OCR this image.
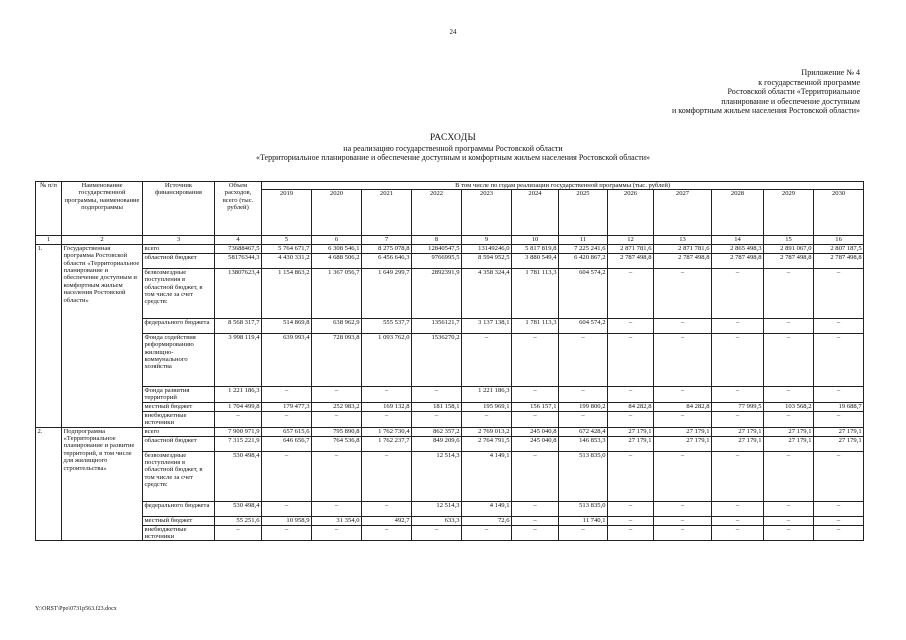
24
Приложение № 4
к государственной программе
Ростовской области «Территориальное
планирование и обеспечение доступным
и комфортным жильем населения Ростовской области»
РАСХОДЫ
на реализацию государственной программы Ростовской области
«Территориальное планирование и обеспечение доступным и комфортным жильем населения Ростовской области»
№ п/п	Наименование государственной программы, наименование подпрограммы	Источник финансирования	Объем расходов, всего (тыс. рублей)	В том числе по годам реализации государственной программы (тыс. рублей)											
				2019	2020	2021	2022	2023	2024	2025	2026	2027	2028	2029	2030
1	2	3	4	5	6	7	8	9	10	11	12	13	14	15	16
1.	Государственная программа Ростовской области «Территориальное планирование и обеспечение доступным и комфортным жильем населения Ростовской области»	всего	73688467,5	5 764 671,7	6 308 546,1	8 275 078,8	12840547,5	13149246,0	5 817 819,8	7 225 241,6	2 871 781,6	2 871 781,6	2 865 498,3	2 891 067,0	2 807 187,5
		областной бюджет	58176344,3	4 430 331,2	4 688 506,2	6 456 646,3	9766995,5	8 594 952,5	3 880 549,4	6 420 867,2	2 787 498,8	2 787 498,8	2 787 498,8	2 787 498,8	2 787 498,8
		безвозмездные поступления в областной бюджет, в том числе за счет средств:	13807623,4	1 154 863,2	1 367 056,7	1 649 299,7	2892391,9	4 358 324,4	1 781 113,3	604 574,2	–	–	–	–	–
		федерального бюджета	8 568 317,7	514 869,8	638 962,9	555 537,7	1356121,7	3 137 138,1	1 781 113,3	604 574,2	–	–	–	–	–
		Фонда содействия реформированию жилищно-коммунального хозяйства	3 998 119,4	639 993,4	728 093,8	1 093 762,0	1536270,2	–	–	–	–	–	–	–	–
		Фонда развития территорий	1 221 186,3	–	–	–	–	1 221 186,3	–	–	–	–	–	–	–
		местный бюджет	1 704 499,8	179 477,3	252 983,2	169 132,8	181 158,1	195 969,1	156 157,1	199 800,2	84 282,8	84 282,8	77 999,5	103 568,2	19 688,7
		внебюджетные источники	–	–	–	–	–	–	–	–	–	–	–	–	–
2.	Подпрограмма «Территориальное планирование и развитие территорий, в том числе для жилищного строительства»	всего	7 900 971,9	657 615,6	795 890,8	1 762 730,4	862 357,2	2 769 013,2	245 040,8	672 428,4	27 179,1	27 179,1	27 179,1	27 179,1	27 179,1
		областной бюджет	7 315 221,9	646 656,7	764 536,8	1 762 237,7	849 209,6	2 764 791,5	245 040,8	146 853,3	27 179,1	27 179,1	27 179,1	27 179,1	27 179,1
		безвозмездные поступления в областной бюджет, в том числе за счет средств:	530 498,4	–	–	–	12 514,3	4 149,1	–	513 835,0	–	–	–	–	–
		федерального бюджета	530 498,4	–	–	–	12 514,3	4 149,1	–	513 835,0	–	–	–	–	–
		местный бюджет	55 251,6	10 958,9	31 354,0	492,7	633,3	72,6	–	11 740,1	–	–	–	–	–
		внебюджетные источники	–	–	–	–	–	–	–	–	–	–	–	–	–
Y:\ORST\Ppo\0731p563.f23.docx
